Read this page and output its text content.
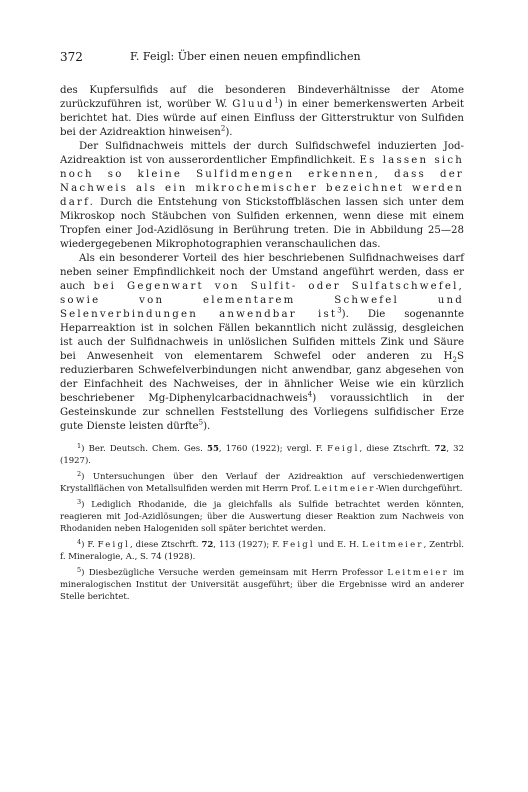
372	F. Feigl: Über einen neuen empfindlichen

des Kupfersulfids auf die besonderen Bindeverhältnisse der Atome zurückzuführen ist, worüber W. Gluud$^1$) in einer bemerkenswerten Arbeit berichtet hat. Dies würde auf einen Einfluss der Gitterstruktur von Sulfiden bei der Azidreaktion hinweisen$^2$).

Der Sulfidnachweis mittels der durch Sulfidschwefel induzierten Jod-Azidreaktion ist von ausserordentlicher Empfindlichkeit. Es lassen sich noch so kleine Sulfidmengen erkennen, dass der Nachweis als ein mikrochemischer bezeichnet werden darf. Durch die Entstehung von Stickstoffbläschen lassen sich unter dem Mikroskop noch Stäubchen von Sulfiden erkennen, wenn diese mit einem Tropfen einer Jod-Azidlösung in Berührung treten. Die in Abbildung 25—28 wiedergegebenen Mikrophotographien veranschaulichen das.

Als ein besonderer Vorteil des hier beschriebenen Sulfidnachweises darf neben seiner Empfindlichkeit noch der Umstand angeführt werden, dass er auch bei Gegenwart von Sulfit- oder Sulfatschwefel, sowie von elementarem Schwefel und Selenverbindungen anwendbar ist$^3$). Die sogenannte Heparreaktion ist in solchen Fällen bekanntlich nicht zulässig, desgleichen ist auch der Sulfidnachweis in unlöslichen Sulfiden mittels Zink und Säure bei Anwesenheit von elementarem Schwefel oder anderen zu $H_2S$ reduzierbaren Schwefelverbindungen nicht anwendbar, ganz abgesehen von der Einfachheit des Nachweises, der in ähnlicher Weise wie ein kürzlich beschriebener Mg-Diphenylcarbacidnachweis$^4$) voraussichtlich in der Gesteinskunde zur schnellen Feststellung des Vorliegens sulfidischer Erze gute Dienste leisten dürfte$^5$).

$^1$) Ber. Deutsch. Chem. Ges. 55, 1760 (1922); vergl. F. Feigl, diese Ztschrft. 72, 32 (1927).

$^2$) Untersuchungen über den Verlauf der Azidreaktion auf verschiedenwertigen Krystallflächen von Metallsulfiden werden mit Herrn Prof. Leitmeier-Wien durchgeführt.

$^3$) Lediglich Rhodanide, die ja gleichfalls als Sulfide betrachtet werden könnten, reagieren mit Jod-Azidlösungen; über die Auswertung dieser Reaktion zum Nachweis von Rhodaniden neben Halogeniden soll später berichtet werden.

$^4$) F. Feigl, diese Ztschrft. 72, 113 (1927); F. Feigl und E. H. Leitmeier, Zentrbl. f. Mineralogie, A., S. 74 (1928).

$^5$) Diesbezügliche Versuche werden gemeinsam mit Herrn Professor Leitmeier im mineralogischen Institut der Universität ausgeführt; über die Ergebnisse wird an anderer Stelle berichtet.
